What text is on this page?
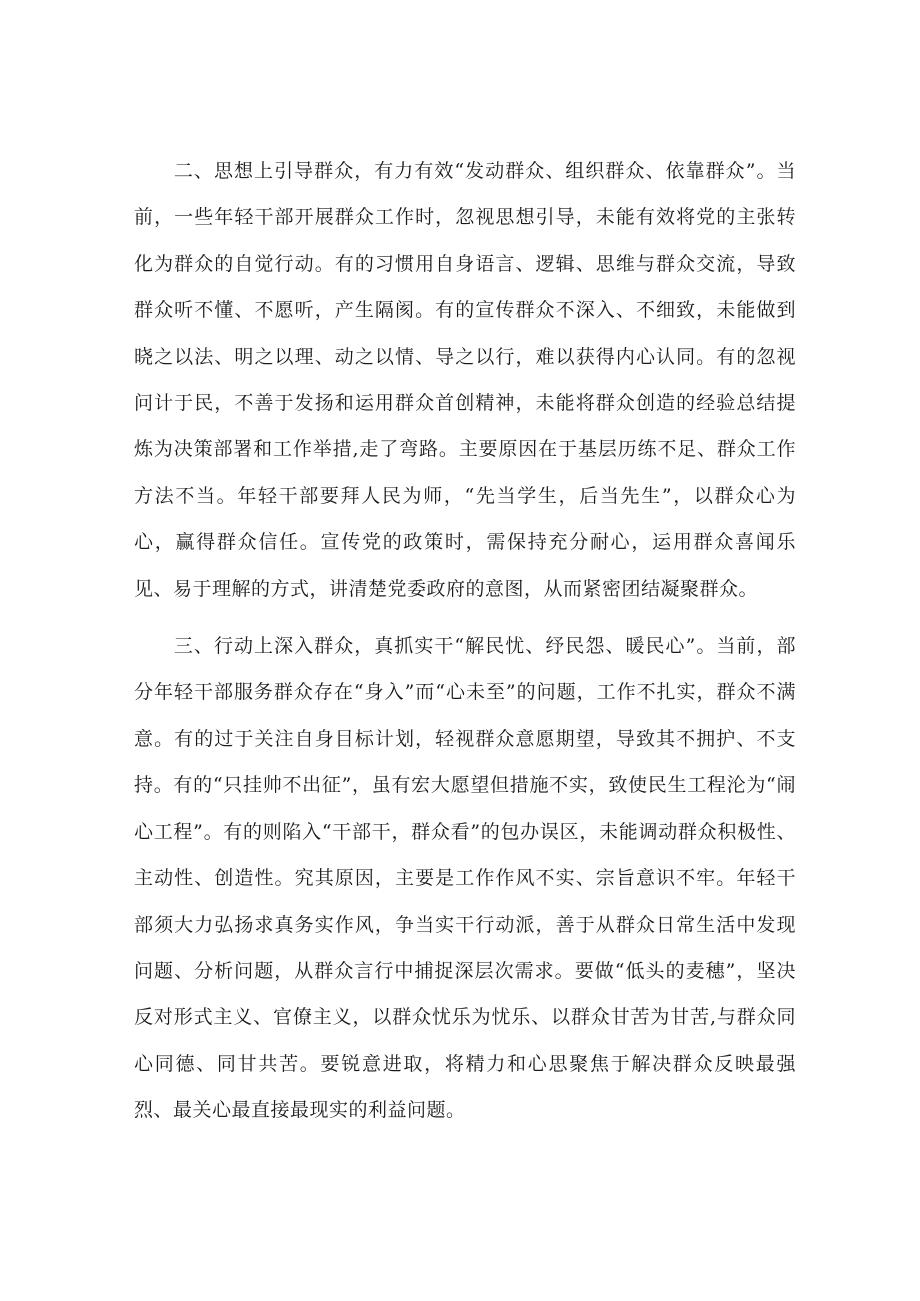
二、思想上引导群众，有力有效“发动群众、组织群众、依靠群众”。当前，一些年轻干部开展群众工作时，忽视思想引导，未能有效将党的主张转化为群众的自觉行动。有的习惯用自身语言、逻辑、思维与群众交流，导致群众听不懂、不愿听，产生隔阂。有的宣传群众不深入、不细致，未能做到晓之以法、明之以理、动之以情、导之以行，难以获得内心认同。有的忽视问计于民，不善于发扬和运用群众首创精神，未能将群众创造的经验总结提炼为决策部署和工作举措,走了弯路。主要原因在于基层历练不足、群众工作方法不当。年轻干部要拜人民为师，“先当学生，后当先生”，以群众心为心，赢得群众信任。宣传党的政策时，需保持充分耐心，运用群众喜闻乐见、易于理解的方式，讲清楚党委政府的意图，从而紧密团结凝聚群众。

三、行动上深入群众，真抓实干“解民忧、纾民怨、暖民心”。当前，部分年轻干部服务群众存在“身入”而“心未至”的问题，工作不扎实，群众不满意。有的过于关注自身目标计划，轻视群众意愿期望，导致其不拥护、不支持。有的“只挂帅不出征”，虽有宏大愿望但措施不实，致使民生工程沦为“闹心工程”。有的则陷入“干部干，群众看”的包办误区，未能调动群众积极性、主动性、创造性。究其原因，主要是工作作风不实、宗旨意识不牢。年轻干部须大力弘扬求真务实作风，争当实干行动派，善于从群众日常生活中发现问题、分析问题，从群众言行中捕捉深层次需求。要做“低头的麦穗”，坚决反对形式主义、官僚主义，以群众忧乐为忧乐、以群众甘苦为甘苦,与群众同心同德、同甘共苦。要锐意进取，将精力和心思聚焦于解决群众反映最强烈、最关心最直接最现实的利益问题。
